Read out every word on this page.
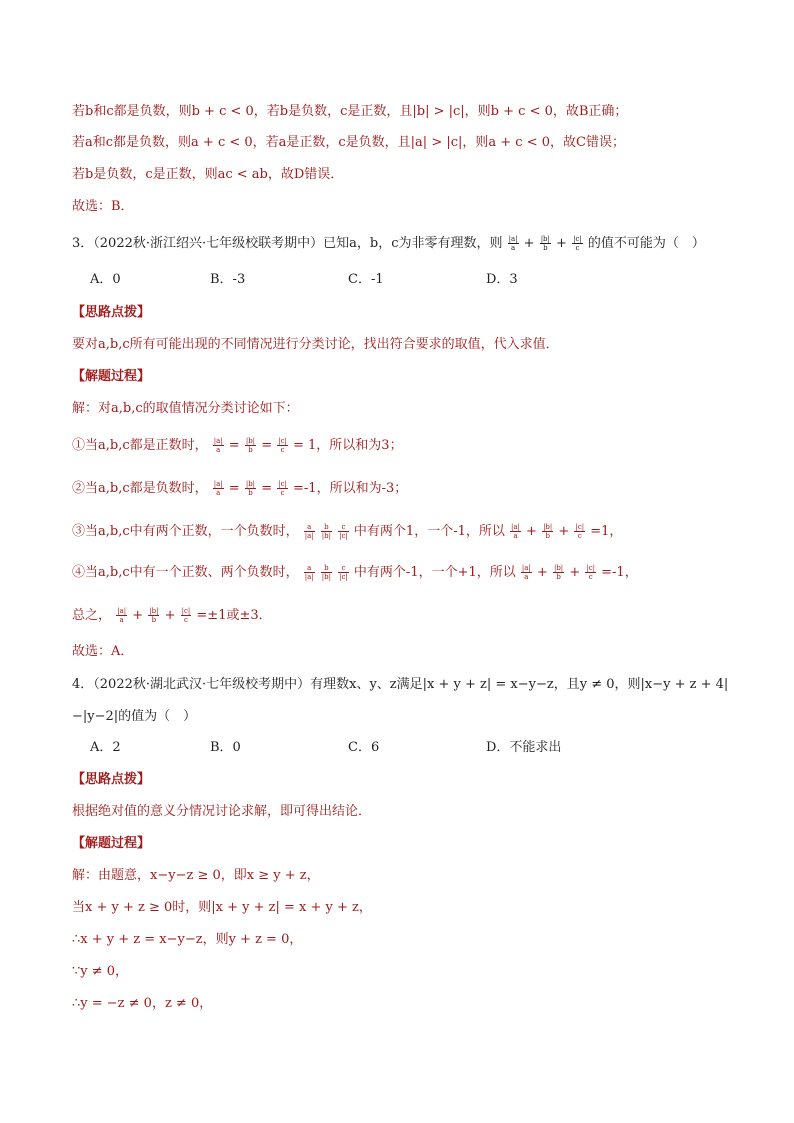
若b和c都是负数，则b + c < 0，若b是负数，c是正数，且|b| > |c|，则b + c < 0，故B正确；
若a和c都是负数，则a + c < 0，若a是正数，c是负数，且|a| > |c|，则a + c < 0，故C错误；
若b是负数，c是正数，则ac < ab，故D错误．
故选：B．
3．（2022秋·浙江绍兴·七年级校联考期中）已知a，b，c为非零有理数，则 $\frac{|a|}{a} + \frac{|b|}{b} + \frac{|c|}{c}$ 的值不可能为（　）
A．0	B．-3	C．-1	D．3
【思路点拨】
要对a,b,c所有可能出现的不同情况进行分类讨论，找出符合要求的取值，代入求值．
【解题过程】
解：对a,b,c的取值情况分类讨论如下：
①当a,b,c都是正数时， $\frac{|a|}{a} = \frac{|b|}{b} = \frac{|c|}{c} = 1$，所以和为3；
②当a,b,c都是负数时， $\frac{|a|}{a} = \frac{|b|}{b} = \frac{|c|}{c} =-1$，所以和为-3；
③当a,b,c中有两个正数，一个负数时， $\frac{a}{|a|}$
$\frac{b}{|b|}$
$\frac{c}{|c|}$ 中有两个1，一个-1，所以 $\frac{|a|}{a} + \frac{|b|}{b} + \frac{|c|}{c} =1$，
④当a,b,c中有一个正数、两个负数时， $\frac{a}{|a|}$
$\frac{b}{|b|}$
$\frac{c}{|c|}$ 中有两个-1，一个+1，所以 $\frac{|a|}{a} + \frac{|b|}{b} + \frac{|c|}{c} =-1$，
总之， $\frac{|a|}{a} + \frac{|b|}{b} + \frac{|c|}{c} =\pm 1$或±3．
故选：A．
4．（2022秋·湖北武汉·七年级校考期中）有理数x、y、z满足|x + y + z| = x−y−z，且y ≠ 0，则|x−y + z + 4|
−|y−2|的值为（　）
A．2	B．0	C．6	D．不能求出
【思路点拨】
根据绝对值的意义分情况讨论求解，即可得出结论．
【解题过程】
解：由题意，x−y−z ≥ 0，即x ≥ y + z，
当x + y + z ≥ 0时，则|x + y + z| = x + y + z，
∴x + y + z = x−y−z，则y + z = 0，
∵y ≠ 0，
∴y = −z ≠ 0，z ≠ 0，
